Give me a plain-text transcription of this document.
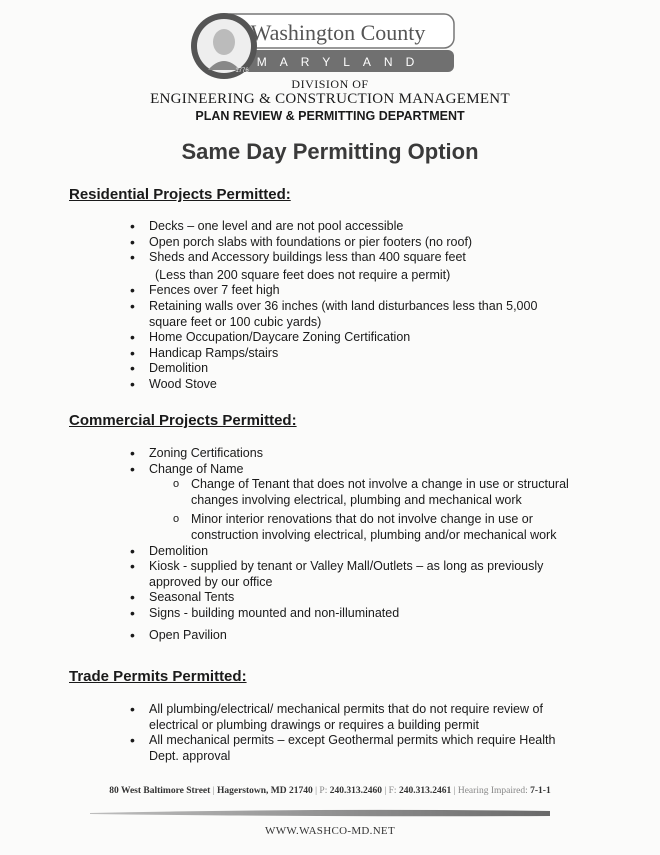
Washington County
MARYLAND
1776
DIVISION OF
ENGINEERING & CONSTRUCTION MANAGEMENT
PLAN REVIEW & PERMITTING DEPARTMENT
Same Day Permitting Option
Residential Projects Permitted:
• Decks – one level and are not pool accessible
• Open porch slabs with foundations or pier footers (no roof)
• Sheds and Accessory buildings less than 400 square feet
(Less than 200 square feet does not require a permit)
• Fences over 7 feet high
• Retaining walls over 36 inches (with land disturbances less than 5,000 square feet or 100 cubic yards)
• Home Occupation/Daycare Zoning Certification
• Handicap Ramps/stairs
• Demolition
• Wood Stove
Commercial Projects Permitted:
• Zoning Certifications
• Change of Name
o Change of Tenant that does not involve a change in use or structural changes involving electrical, plumbing and mechanical work
o Minor interior renovations that do not involve change in use or construction involving electrical, plumbing and/or mechanical work
• Demolition
• Kiosk - supplied by tenant or Valley Mall/Outlets – as long as previously approved by our office
• Seasonal Tents
• Signs - building mounted and non-illuminated
• Open Pavilion
Trade Permits Permitted:
• All plumbing/electrical/ mechanical permits that do not require review of electrical or plumbing drawings or requires a building permit
• All mechanical permits – except Geothermal permits which require Health Dept. approval
80 West Baltimore Street | Hagerstown, MD 21740 | P: 240.313.2460 | F: 240.313.2461 | Hearing Impaired: 7-1-1
WWW.WASHCO-MD.NET
